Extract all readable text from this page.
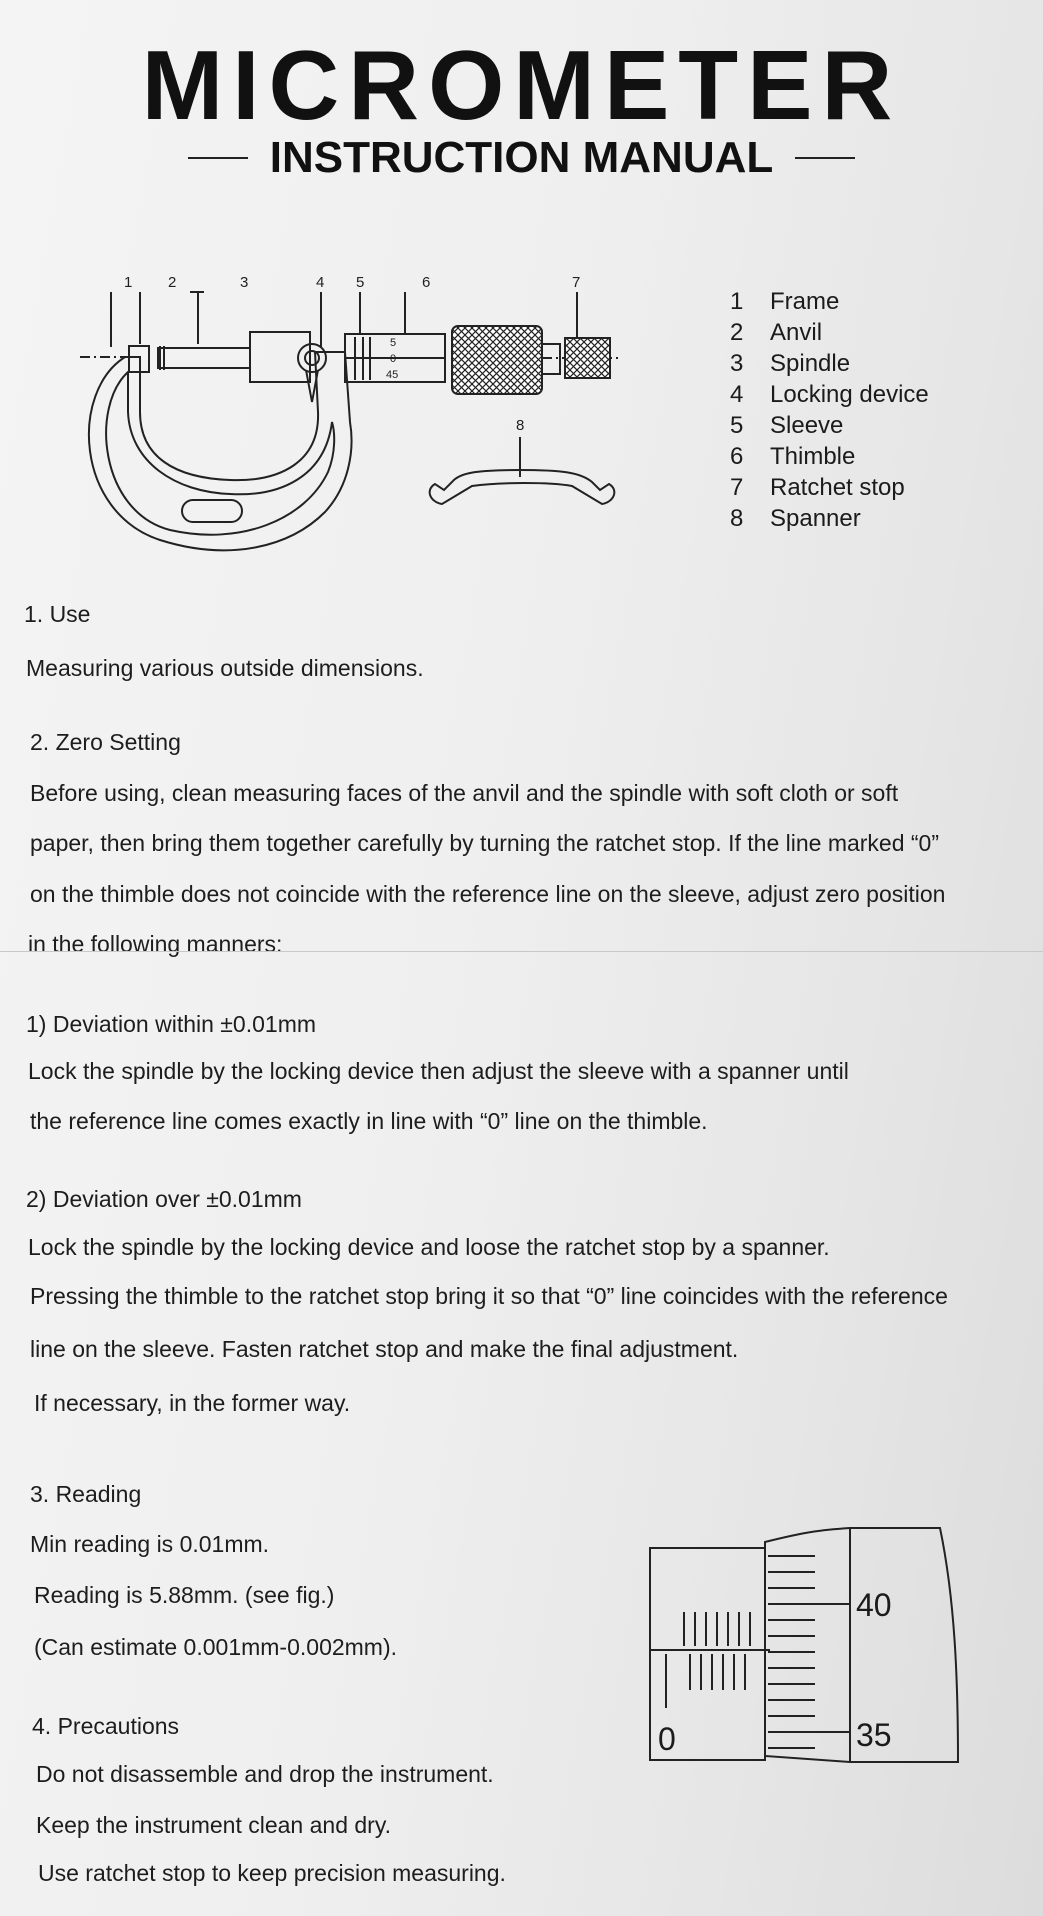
MICROMETER
INSTRUCTION MANUAL
1 2	3	4 5	6	7
8
5
0
45
1	Frame
2	Anvil
3	Spindle
4	Locking device
5	Sleeve
6	Thimble
7	Ratchet stop
8	Spanner
1. Use
Measuring various outside dimensions.
2. Zero Setting
Before using, clean measuring faces of the anvil and the spindle with soft cloth or soft
paper, then bring them together carefully by turning the ratchet stop. If the line marked “0”
on the thimble does not coincide with the reference line on the sleeve, adjust zero position
in the following manners:
1) Deviation within ±0.01mm
Lock the spindle by the locking device then adjust the sleeve with a spanner until
the reference line comes exactly in line with “0” line on the thimble.
2) Deviation over ±0.01mm
Lock the spindle by the locking device and loose the ratchet stop by a spanner.
Pressing the thimble to the ratchet stop bring it so that “0” line coincides with the reference
line on the sleeve. Fasten ratchet stop and make the final adjustment.
If necessary, in the former way.
3. Reading
Min reading is 0.01mm.
Reading is 5.88mm. (see fig.)
(Can estimate 0.001mm-0.002mm).
4. Precautions
Do not disassemble and drop the instrument.
Keep the instrument clean and dry.
Use ratchet stop to keep precision measuring.
40
35
0
